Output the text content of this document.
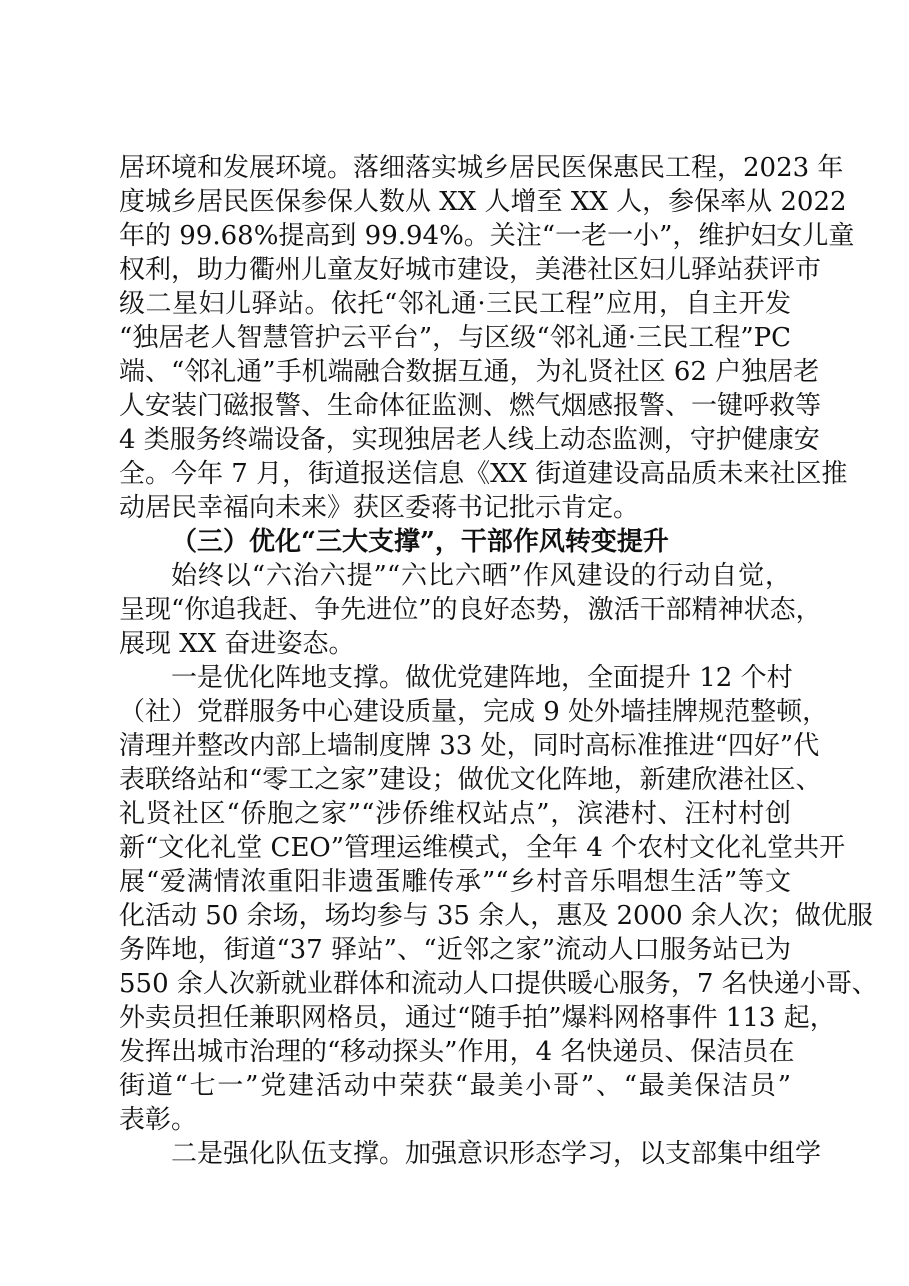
居环境和发展环境。落细落实城乡居民医保惠民工程，2023 年
度城乡居民医保参保人数从 XX 人增至 XX 人，参保率从 2022
年的 99.68%提高到 99.94%。关注“一老一小”，维护妇女儿童
权利，助力衢州儿童友好城市建设，美港社区妇儿驿站获评市
级二星妇儿驿站。依托“邻礼通·三民工程”应用，自主开发
“独居老人智慧管护云平台”，与区级“邻礼通·三民工程”PC
端、“邻礼通”手机端融合数据互通，为礼贤社区 62 户独居老
人安装门磁报警、生命体征监测、燃气烟感报警、一键呼救等
4 类服务终端设备，实现独居老人线上动态监测，守护健康安
全。今年 7 月，街道报送信息《XX 街道建设高品质未来社区推
动居民幸福向未来》获区委蒋书记批示肯定。
（三）优化“三大支撑”，干部作风转变提升
始终以“六治六提”“六比六晒”作风建设的行动自觉，
呈现“你追我赶、争先进位”的良好态势，激活干部精神状态，
展现 XX 奋进姿态。
一是优化阵地支撑。做优党建阵地，全面提升 12 个村
（社）党群服务中心建设质量，完成 9 处外墙挂牌规范整顿，
清理并整改内部上墙制度牌 33 处，同时高标准推进“四好”代
表联络站和“零工之家”建设；做优文化阵地，新建欣港社区、
礼贤社区“侨胞之家”“涉侨维权站点”，滨港村、汪村村创
新“文化礼堂 CEO”管理运维模式，全年 4 个农村文化礼堂共开
展“爱满情浓重阳非遗蛋雕传承”“乡村音乐唱想生活”等文
化活动 50 余场，场均参与 35 余人，惠及 2000 余人次；做优服
务阵地，街道“37 驿站”、“近邻之家”流动人口服务站已为
550 余人次新就业群体和流动人口提供暖心服务，7 名快递小哥、
外卖员担任兼职网格员，通过“随手拍”爆料网格事件 113 起，
发挥出城市治理的“移动探头”作用，4 名快递员、保洁员在
街道“七一”党建活动中荣获“最美小哥”、“最美保洁员”
表彰。
二是强化队伍支撑。加强意识形态学习，以支部集中组学
